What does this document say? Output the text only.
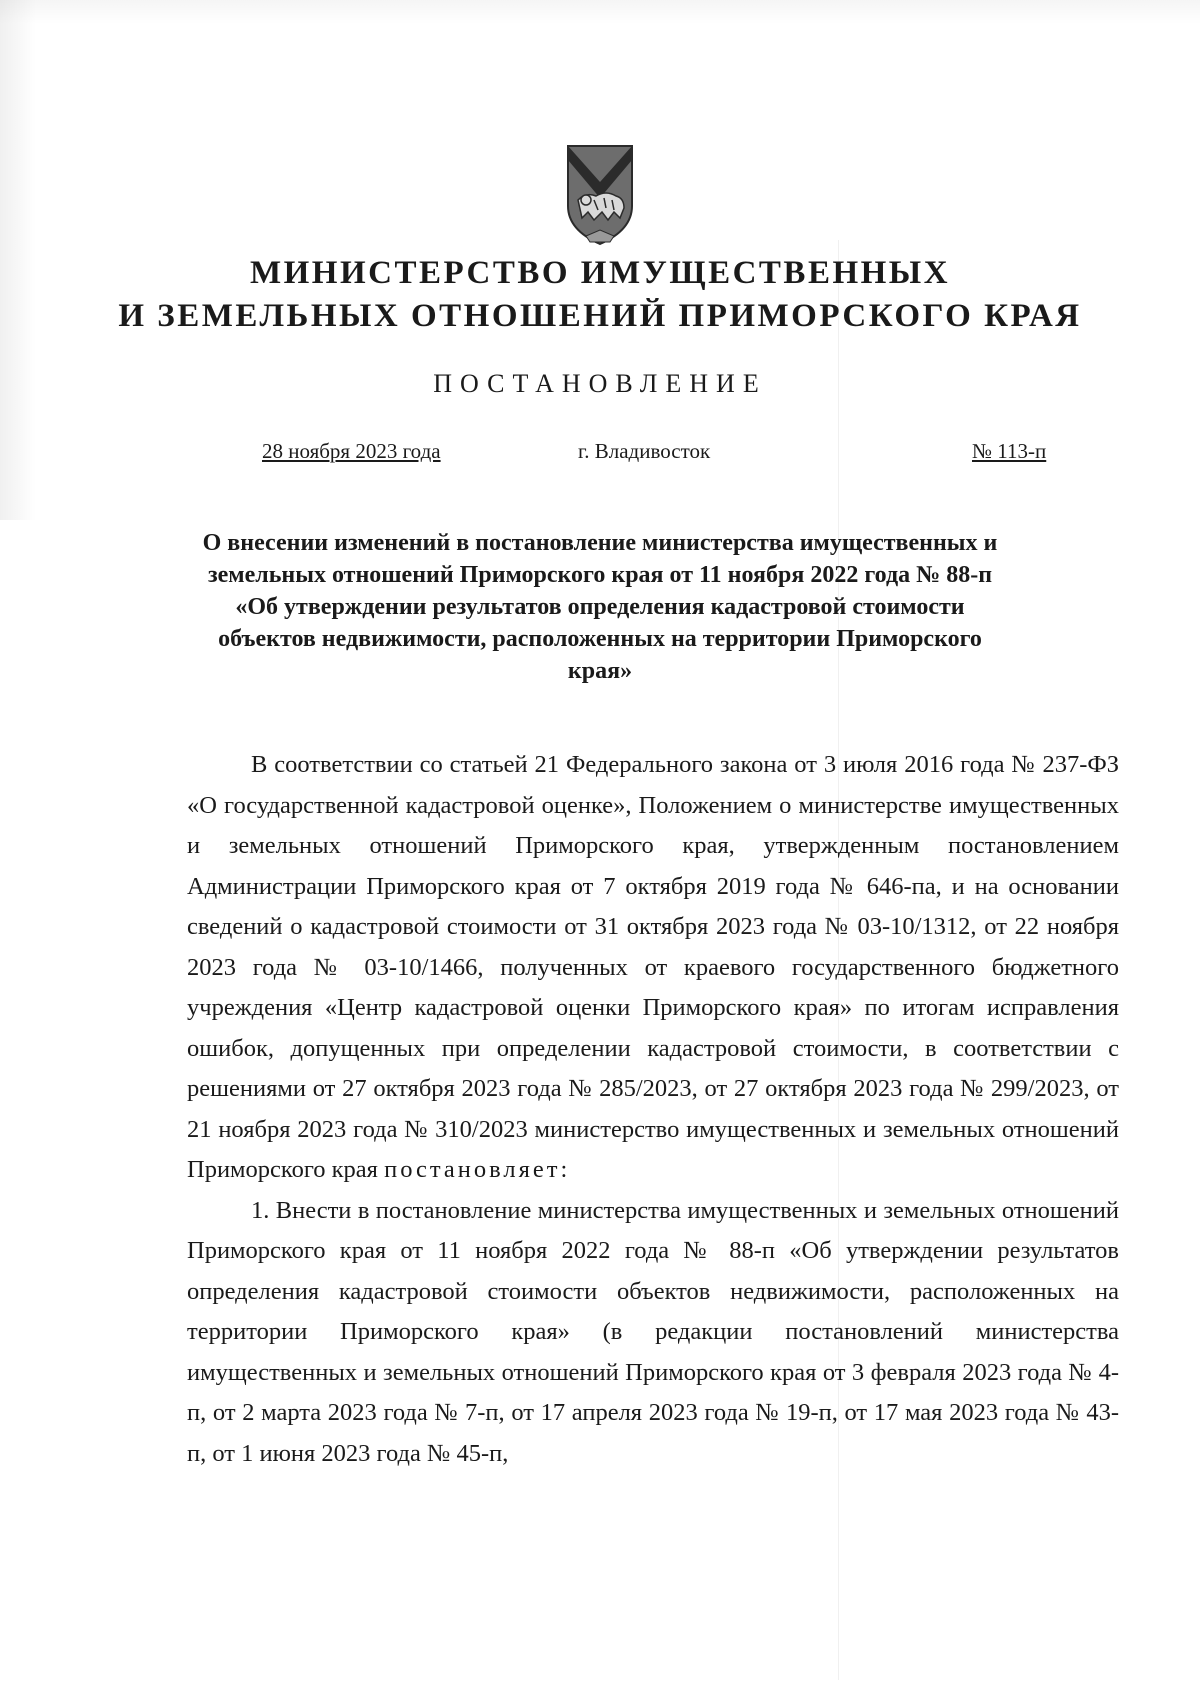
МИНИСТЕРСТВО ИМУЩЕСТВЕННЫХ
И ЗЕМЕЛЬНЫХ ОТНОШЕНИЙ ПРИМОРСКОГО КРАЯ
ПОСТАНОВЛЕНИЕ
28 ноября 2023 года	г. Владивосток	№ 113-п
О внесении изменений в постановление министерства имущественных и земельных отношений Приморского края от 11 ноября 2022 года № 88-п «Об утверждении результатов определения кадастровой стоимости объектов недвижимости, расположенных на территории Приморского края»

В соответствии со статьей 21 Федерального закона от 3 июля 2016 года № 237-ФЗ «О государственной кадастровой оценке», Положением о министерстве имущественных и земельных отношений Приморского края, утвержденным постановлением Администрации Приморского края от 7 октября 2019 года № 646-па, и на основании сведений о кадастровой стоимости от 31 октября 2023 года № 03-10/1312, от 22 ноября 2023 года № 03-10/1466, полученных от краевого государственного бюджетного учреждения «Центр кадастровой оценки Приморского края» по итогам исправления ошибок, допущенных при определении кадастровой стоимости, в соответствии с решениями от 27 октября 2023 года № 285/2023, от 27 октября 2023 года № 299/2023, от 21 ноября 2023 года № 310/2023 министерство имущественных и земельных отношений Приморского края постановляет:

1. Внести в постановление министерства имущественных и земельных отношений Приморского края от 11 ноября 2022 года № 88-п «Об утверждении результатов определения кадастровой стоимости объектов недвижимости, расположенных на территории Приморского края» (в редакции постановлений министерства имущественных и земельных отношений Приморского края от 3 февраля 2023 года № 4-п, от 2 марта 2023 года № 7-п, от 17 апреля 2023 года № 19-п, от 17 мая 2023 года № 43-п, от 1 июня 2023 года № 45-п,
